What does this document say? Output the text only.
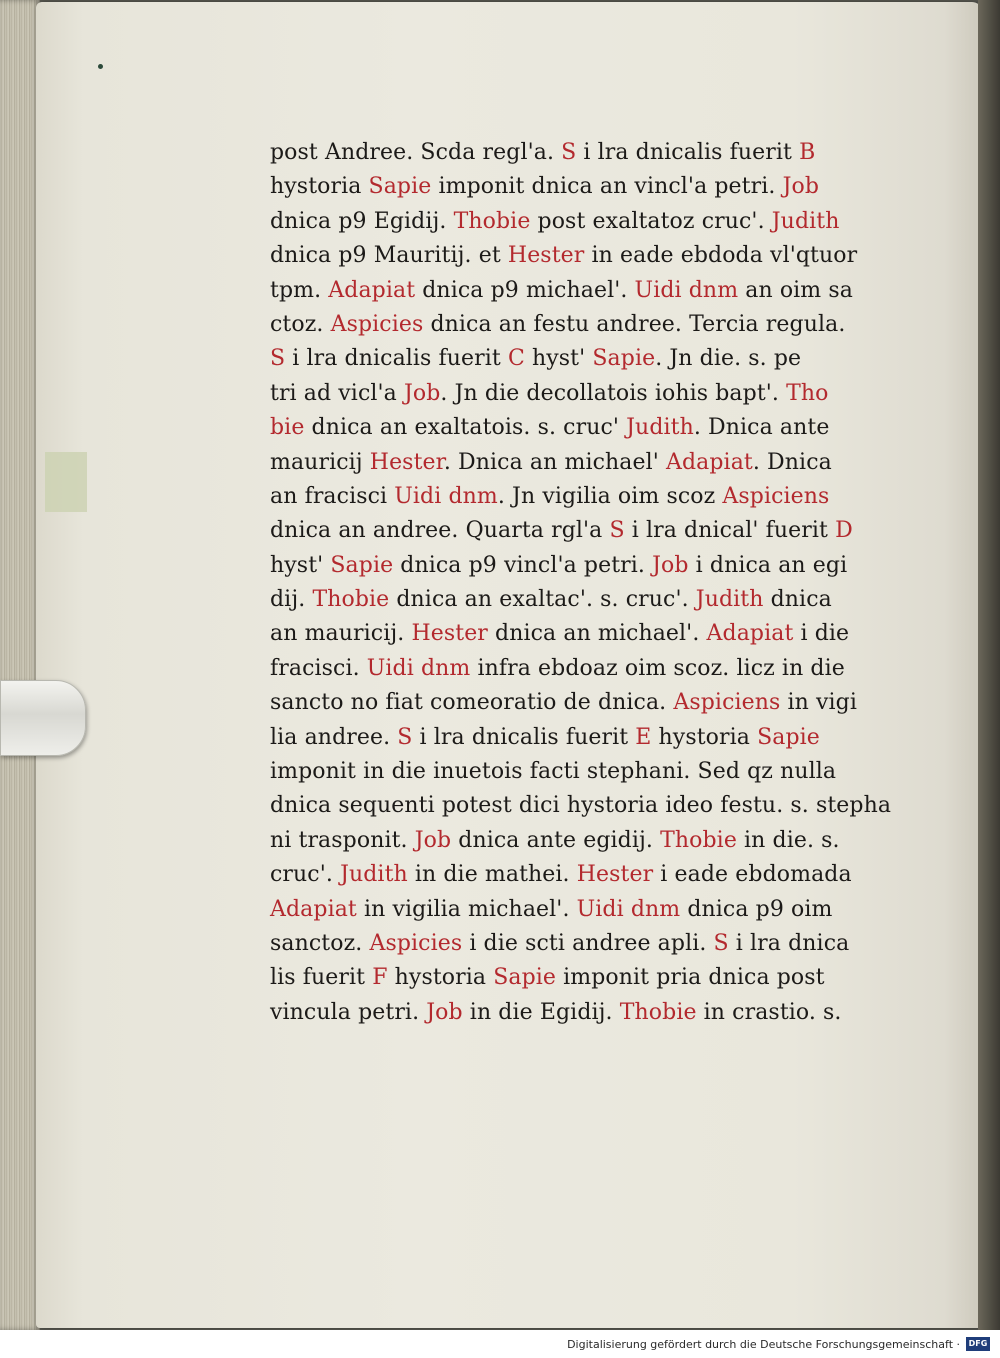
post Andree. Scda regl'a. S i lra dnicalis fuerit B
hystoria Sapie imponit dnica an vincl'a petri. Job
dnica p9 Egidij. Thobie post exaltatoz cruc'. Judith
dnica p9 Mauritij. et Hester in eade ebdoda vl'qtuor
tpm. Adapiat dnica p9 michael'. Uidi dnm an oim sa
ctoz. Aspicies dnica an festu andree. Tercia regula.
S i lra dnicalis fuerit C hyst' Sapie. Jn die. s. pe
tri ad vicl'a Job. Jn die decollatois iohis bapt'. Tho
bie dnica an exaltatois. s. cruc' Judith. Dnica ante
mauricij Hester. Dnica an michael' Adapiat. Dnica
an fracisci Uidi dnm. Jn vigilia oim scoz Aspiciens
dnica an andree. Quarta rgl'a S i lra dnical' fuerit D
hyst' Sapie dnica p9 vincl'a petri. Job i dnica an egi
dij. Thobie dnica an exaltac'. s. cruc'. Judith dnica
an mauricij. Hester dnica an michael'. Adapiat i die
fracisci. Uidi dnm infra ebdoaz oim scoz. licz in die
sancto no fiat comeoratio de dnica. Aspiciens in vigi
lia andree. S i lra dnicalis fuerit E hystoria Sapie
imponit in die inuetois facti stephani. Sed qz nulla
dnica sequenti potest dici hystoria ideo festu. s. stepha
ni trasponit. Job dnica ante egidij. Thobie in die. s.
cruc'. Judith in die mathei. Hester i eade ebdomada
Adapiat in vigilia michael'. Uidi dnm dnica p9 oim
sanctoz. Aspicies i die scti andree apli. S i lra dnica
lis fuerit F hystoria Sapie imponit pria dnica post
vincula petri. Job in die Egidij. Thobie in crastio. s.
Digitalisierung gefördert durch die Deutsche Forschungsgemeinschaft ·	DFG
